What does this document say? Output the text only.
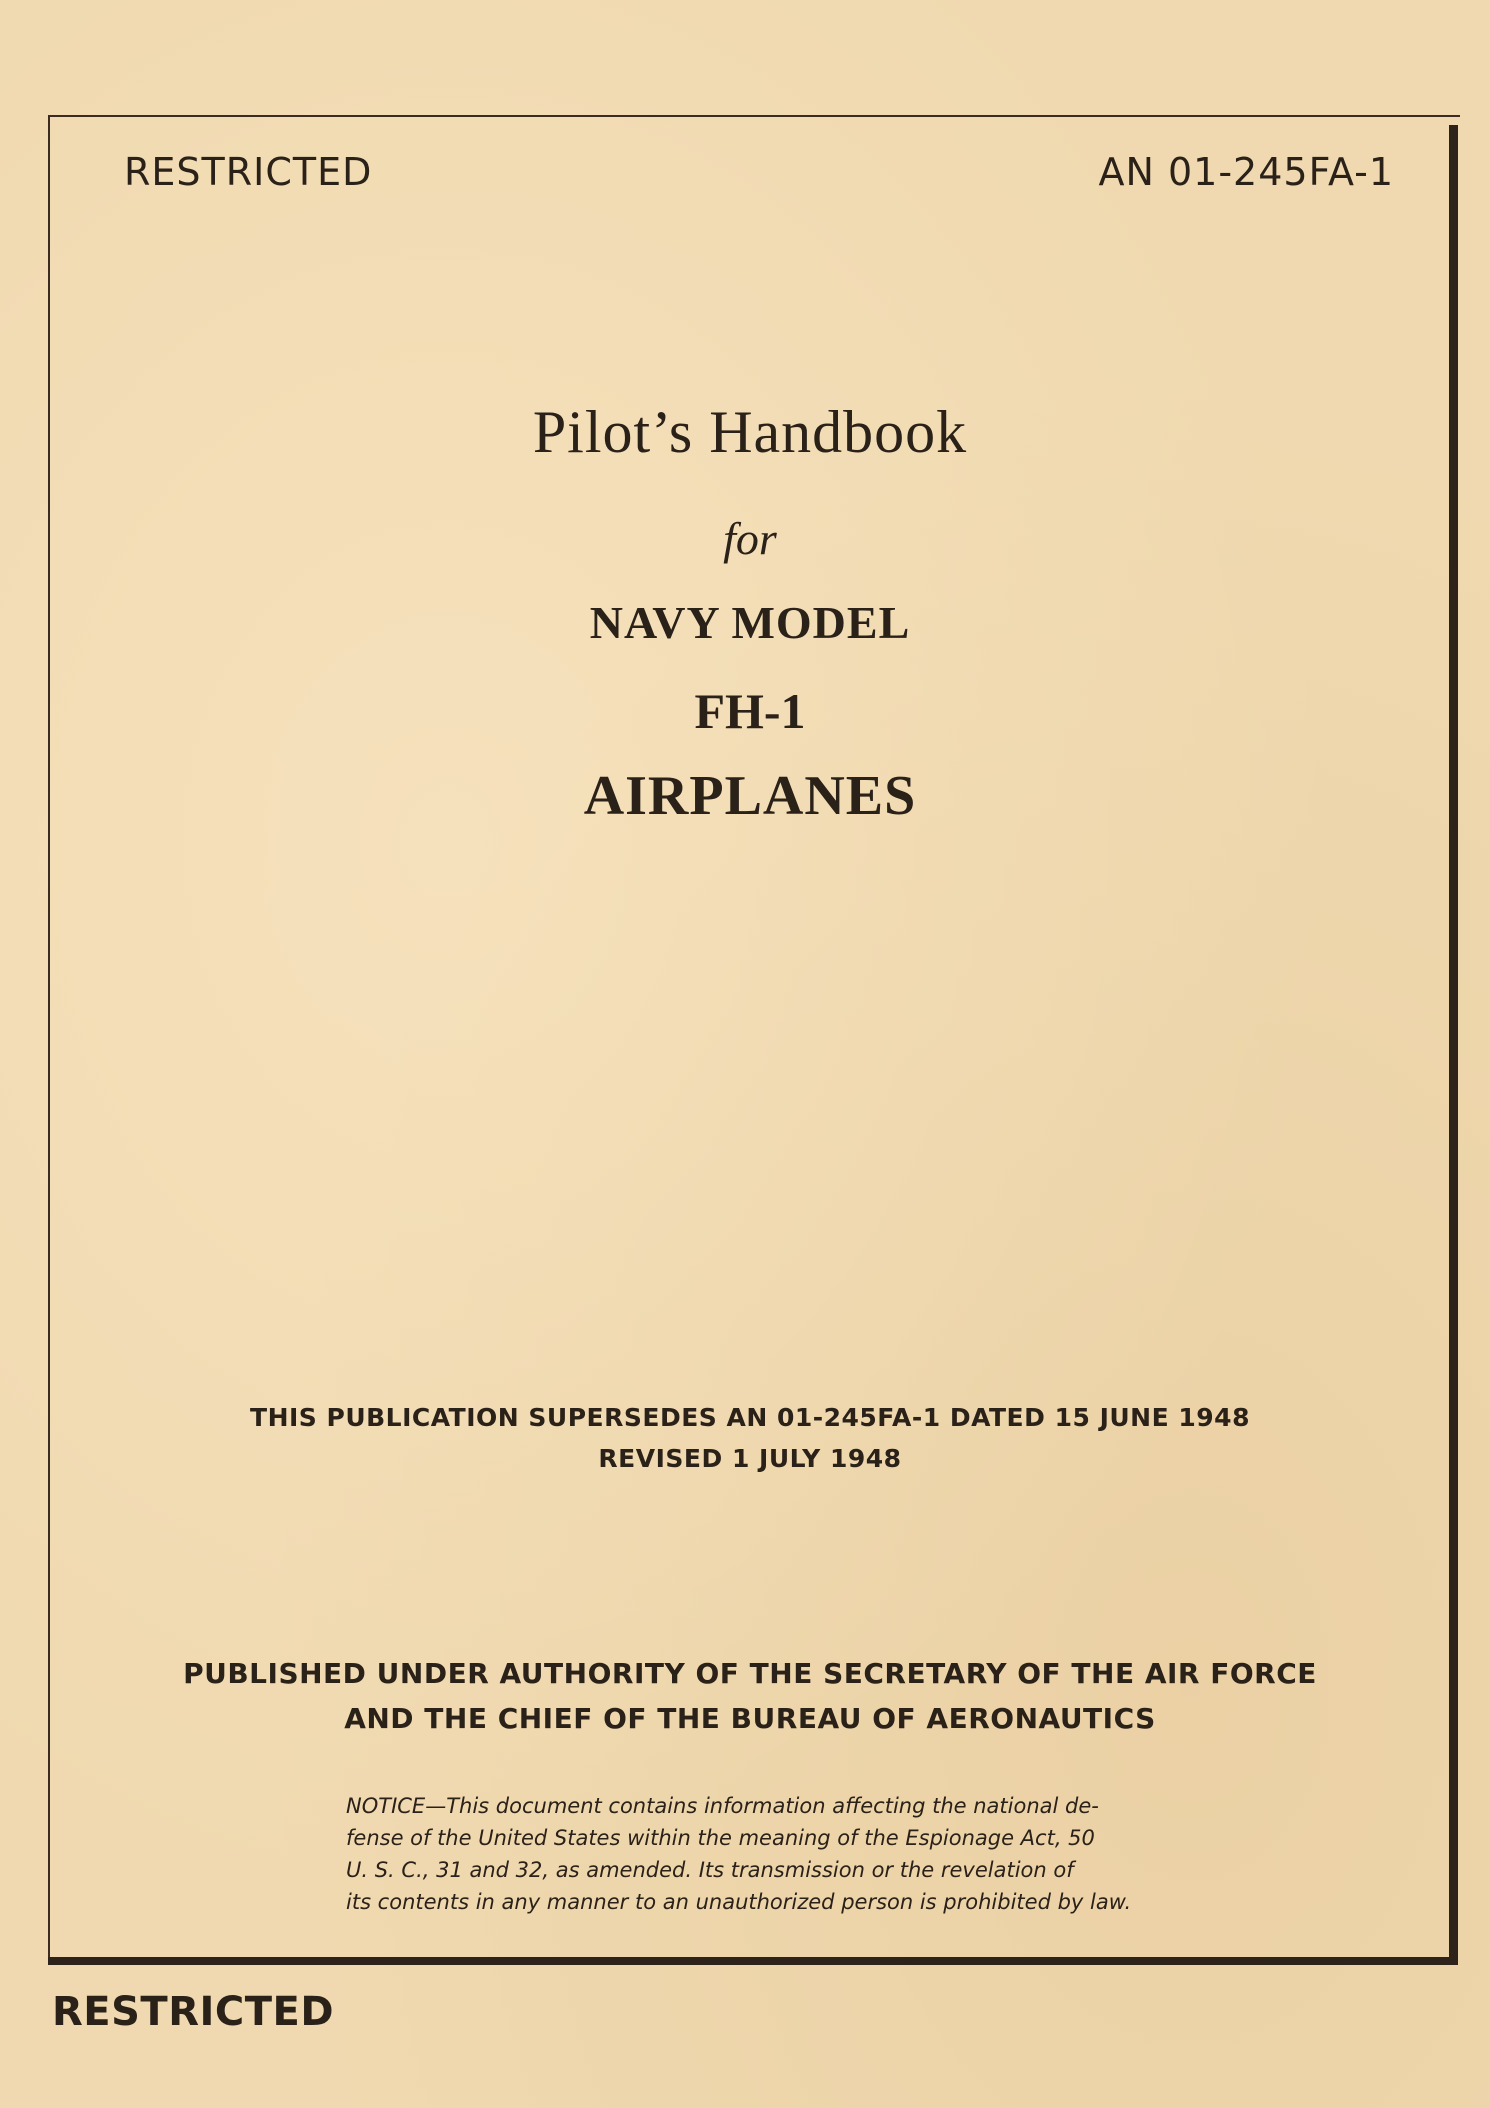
RESTRICTED	AN 01-245FA-1
Pilot’s Handbook
for
NAVY MODEL
FH-1
AIRPLANES
THIS PUBLICATION SUPERSEDES AN 01-245FA-1 DATED 15 JUNE 1948
REVISED 1 JULY 1948
PUBLISHED UNDER AUTHORITY OF THE SECRETARY OF THE AIR FORCE
AND THE CHIEF OF THE BUREAU OF AERONAUTICS
NOTICE—This document contains information affecting the national de-
fense of the United States within the meaning of the Espionage Act, 50
U. S. C., 31 and 32, as amended. Its transmission or the revelation of
its contents in any manner to an unauthorized person is prohibited by law.
RESTRICTED
